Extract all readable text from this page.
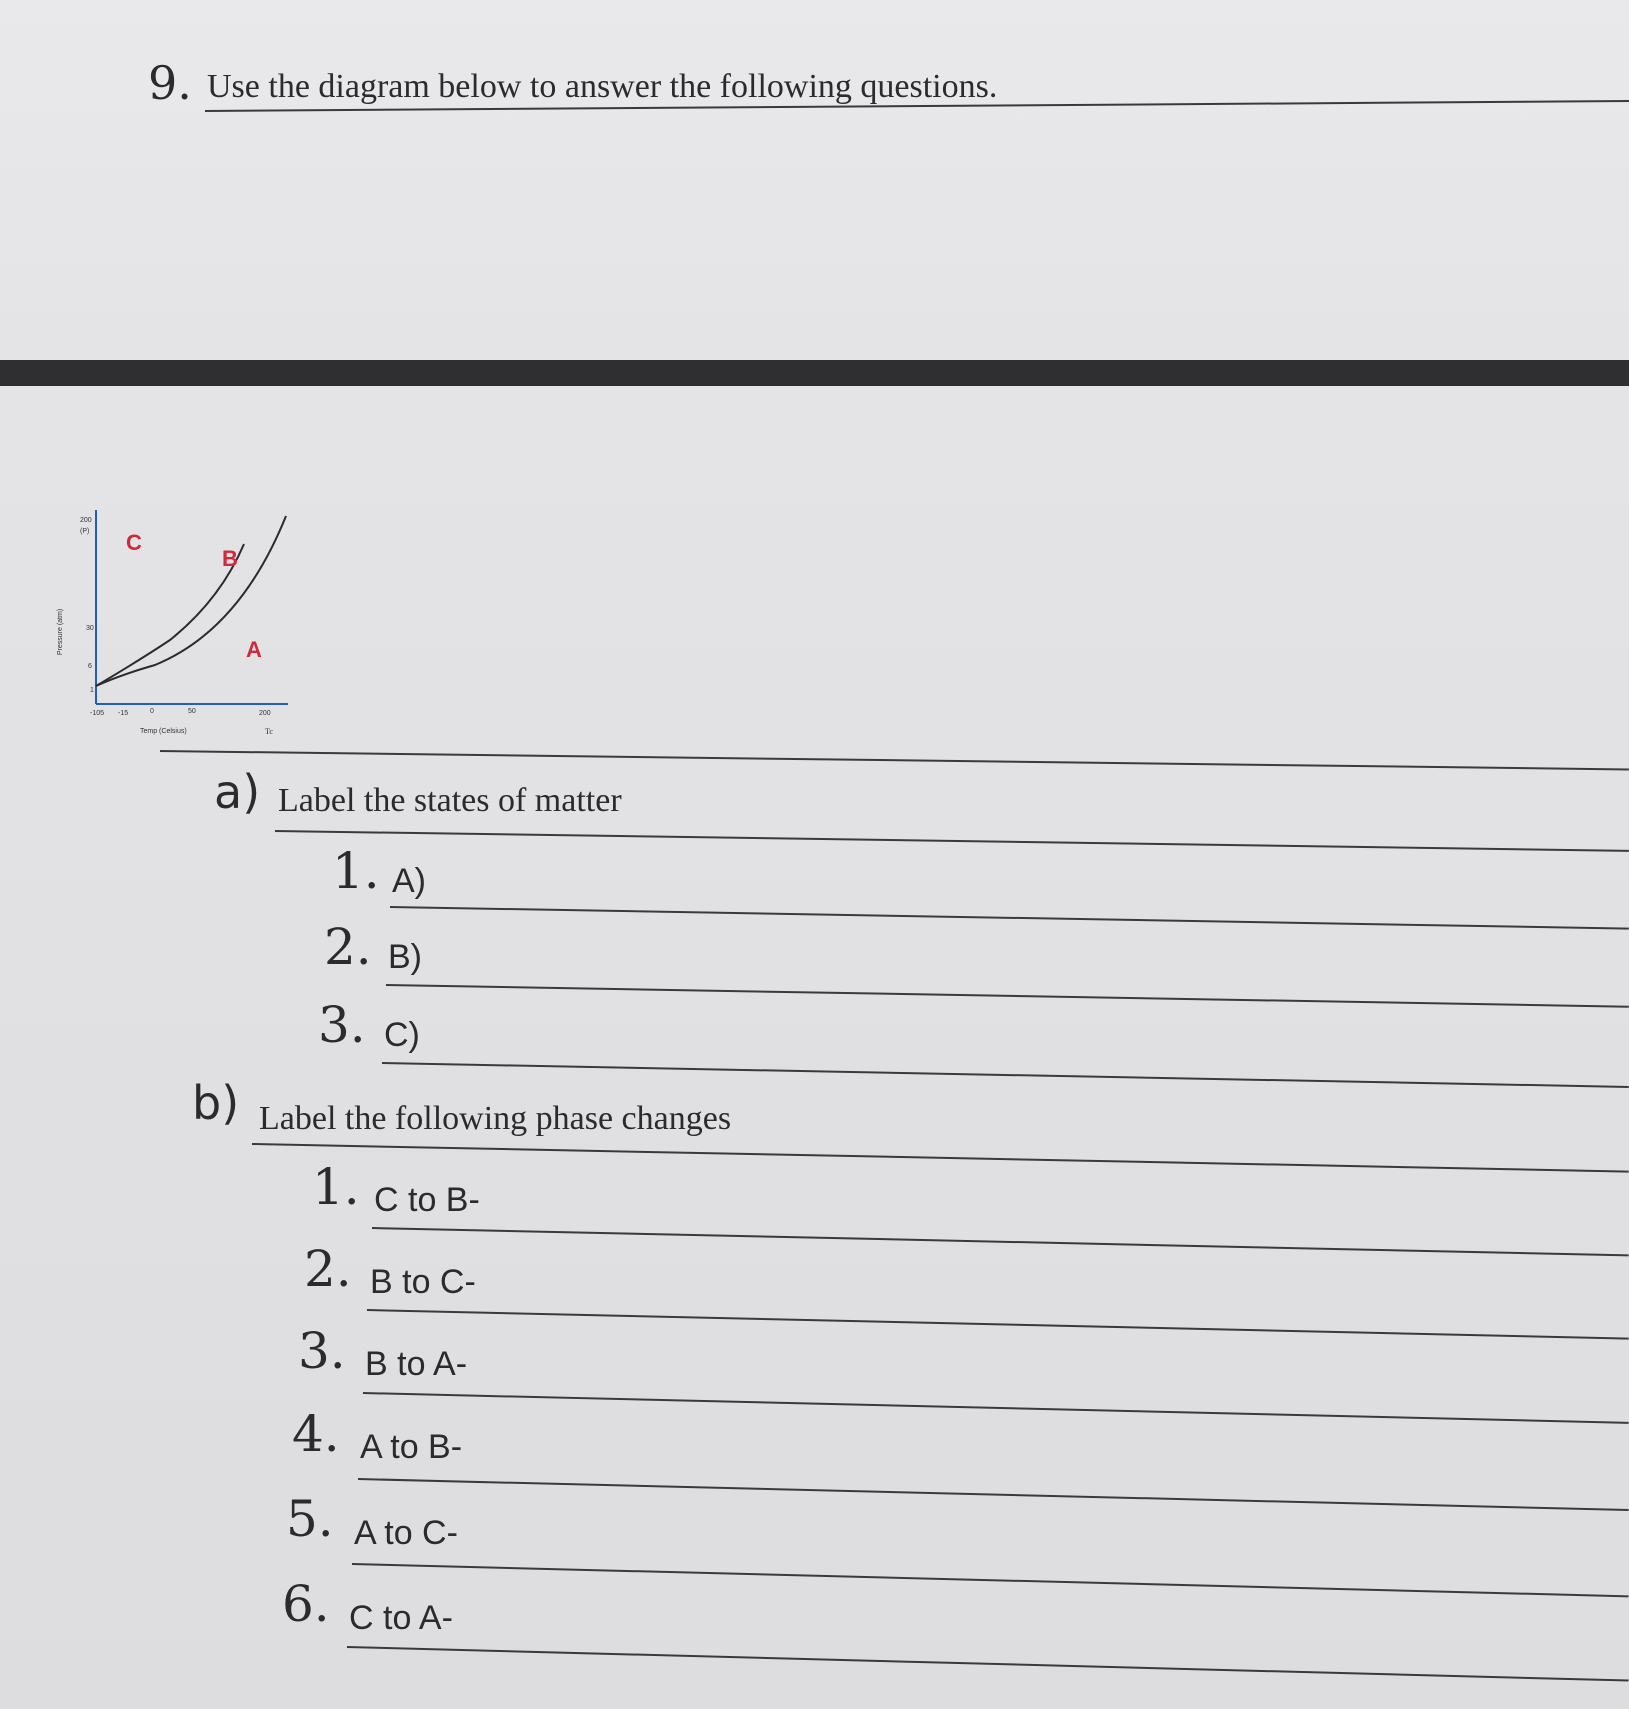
9. Use the diagram below to answer the following questions.
Pressure (atm)
200
(P)
30
6
1
-105 -15	0	50	200
Tc
Temp (Celsius)
C
B
A
a) Label the states of matter
1. A)
2. B)
3. C)
b) Label the following phase changes
1. C to B-
2. B to C-
3. B to A-
4. A to B-
5. A to C-
6. C to A-
